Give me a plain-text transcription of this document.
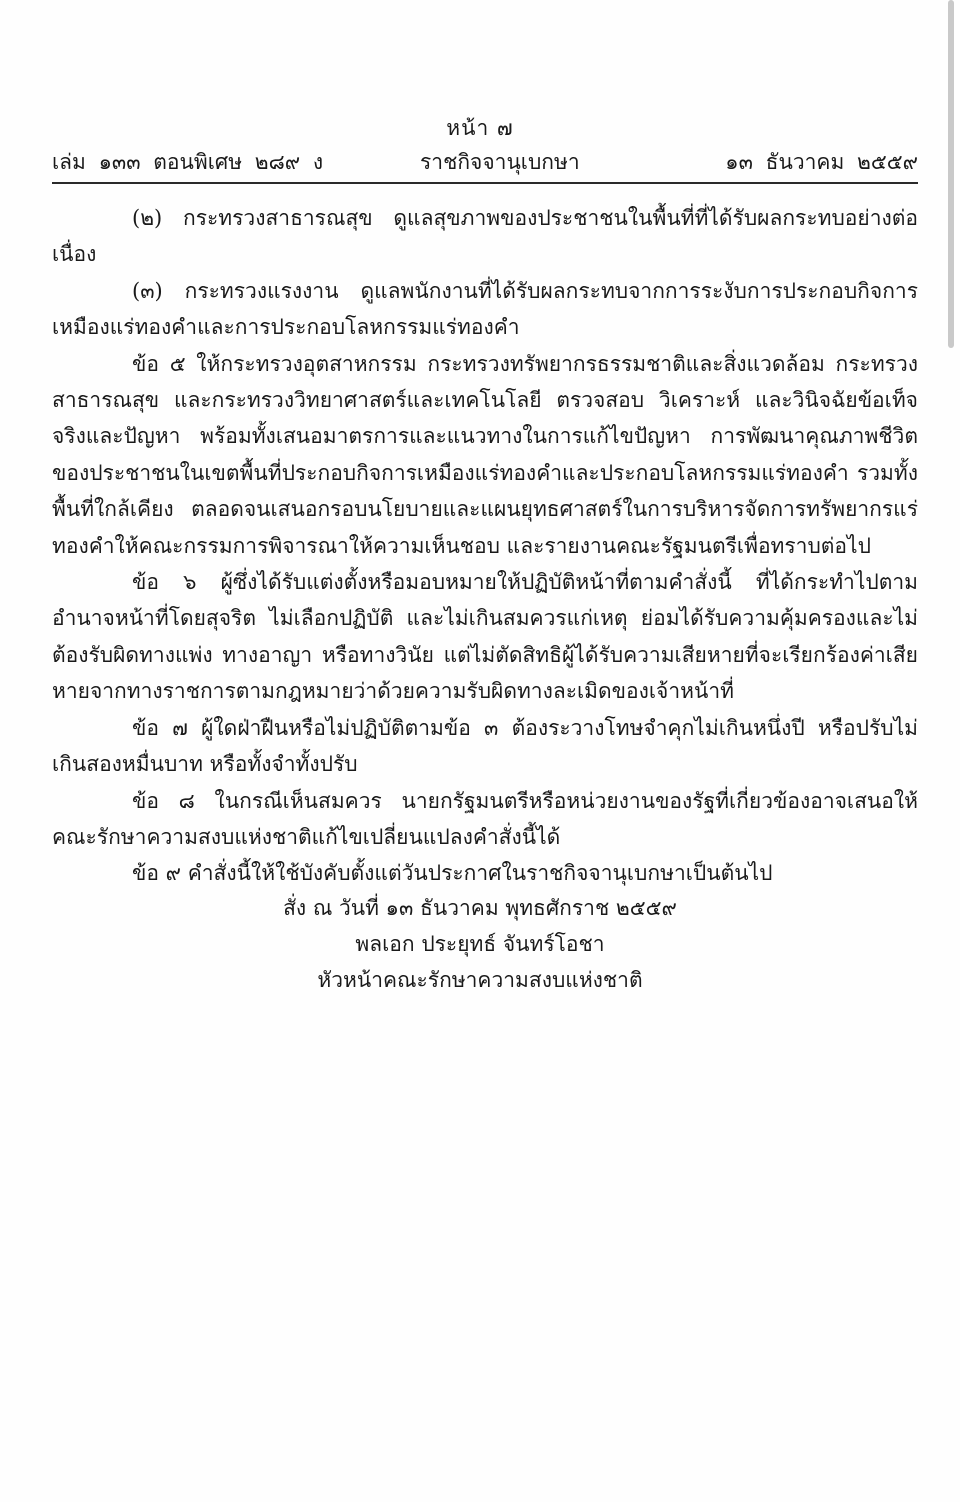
หน้า ๗
เล่ม ๑๓๓ ตอนพิเศษ ๒๘๙ ง	ราชกิจจานุเบกษา	๑๓ ธันวาคม ๒๕๕๙

(๒) กระทรวงสาธารณสุข ดูแลสุขภาพของประชาชนในพื้นที่ที่ได้รับผลกระทบอย่างต่อเนื่อง

(๓) กระทรวงแรงงาน ดูแลพนักงานที่ได้รับผลกระทบจากการระงับการประกอบกิจการเหมืองแร่ทองคำและการประกอบโลหกรรมแร่ทองคำ

ข้อ ๕ ให้กระทรวงอุตสาหกรรม กระทรวงทรัพยากรธรรมชาติและสิ่งแวดล้อม กระทรวงสาธารณสุข และกระทรวงวิทยาศาสตร์และเทคโนโลยี ตรวจสอบ วิเคราะห์ และวินิจฉัยข้อเท็จจริงและปัญหา พร้อมทั้งเสนอมาตรการและแนวทางในการแก้ไขปัญหา การพัฒนาคุณภาพชีวิตของประชาชนในเขตพื้นที่ประกอบกิจการเหมืองแร่ทองคำและประกอบโลหกรรมแร่ทองคำ รวมทั้งพื้นที่ใกล้เคียง ตลอดจนเสนอกรอบนโยบายและแผนยุทธศาสตร์ในการบริหารจัดการทรัพยากรแร่ทองคำให้คณะกรรมการพิจารณาให้ความเห็นชอบ และรายงานคณะรัฐมนตรีเพื่อทราบต่อไป

ข้อ ๖ ผู้ซึ่งได้รับแต่งตั้งหรือมอบหมายให้ปฏิบัติหน้าที่ตามคำสั่งนี้ ที่ได้กระทำไปตามอำนาจหน้าที่โดยสุจริต ไม่เลือกปฏิบัติ และไม่เกินสมควรแก่เหตุ ย่อมได้รับความคุ้มครองและไม่ต้องรับผิดทางแพ่ง ทางอาญา หรือทางวินัย แต่ไม่ตัดสิทธิผู้ได้รับความเสียหายที่จะเรียกร้องค่าเสียหายจากทางราชการตามกฎหมายว่าด้วยความรับผิดทางละเมิดของเจ้าหน้าที่

ข้อ ๗ ผู้ใดฝ่าฝืนหรือไม่ปฏิบัติตามข้อ ๓ ต้องระวางโทษจำคุกไม่เกินหนึ่งปี หรือปรับไม่เกินสองหมื่นบาท หรือทั้งจำทั้งปรับ

ข้อ ๘ ในกรณีเห็นสมควร นายกรัฐมนตรีหรือหน่วยงานของรัฐที่เกี่ยวข้องอาจเสนอให้คณะรักษาความสงบแห่งชาติแก้ไขเปลี่ยนแปลงคำสั่งนี้ได้

ข้อ ๙ คำสั่งนี้ให้ใช้บังคับตั้งแต่วันประกาศในราชกิจจานุเบกษาเป็นต้นไป

สั่ง ณ วันที่ ๑๓ ธันวาคม พุทธศักราช ๒๕๕๙
พลเอก ประยุทธ์ จันทร์โอชา
หัวหน้าคณะรักษาความสงบแห่งชาติ
